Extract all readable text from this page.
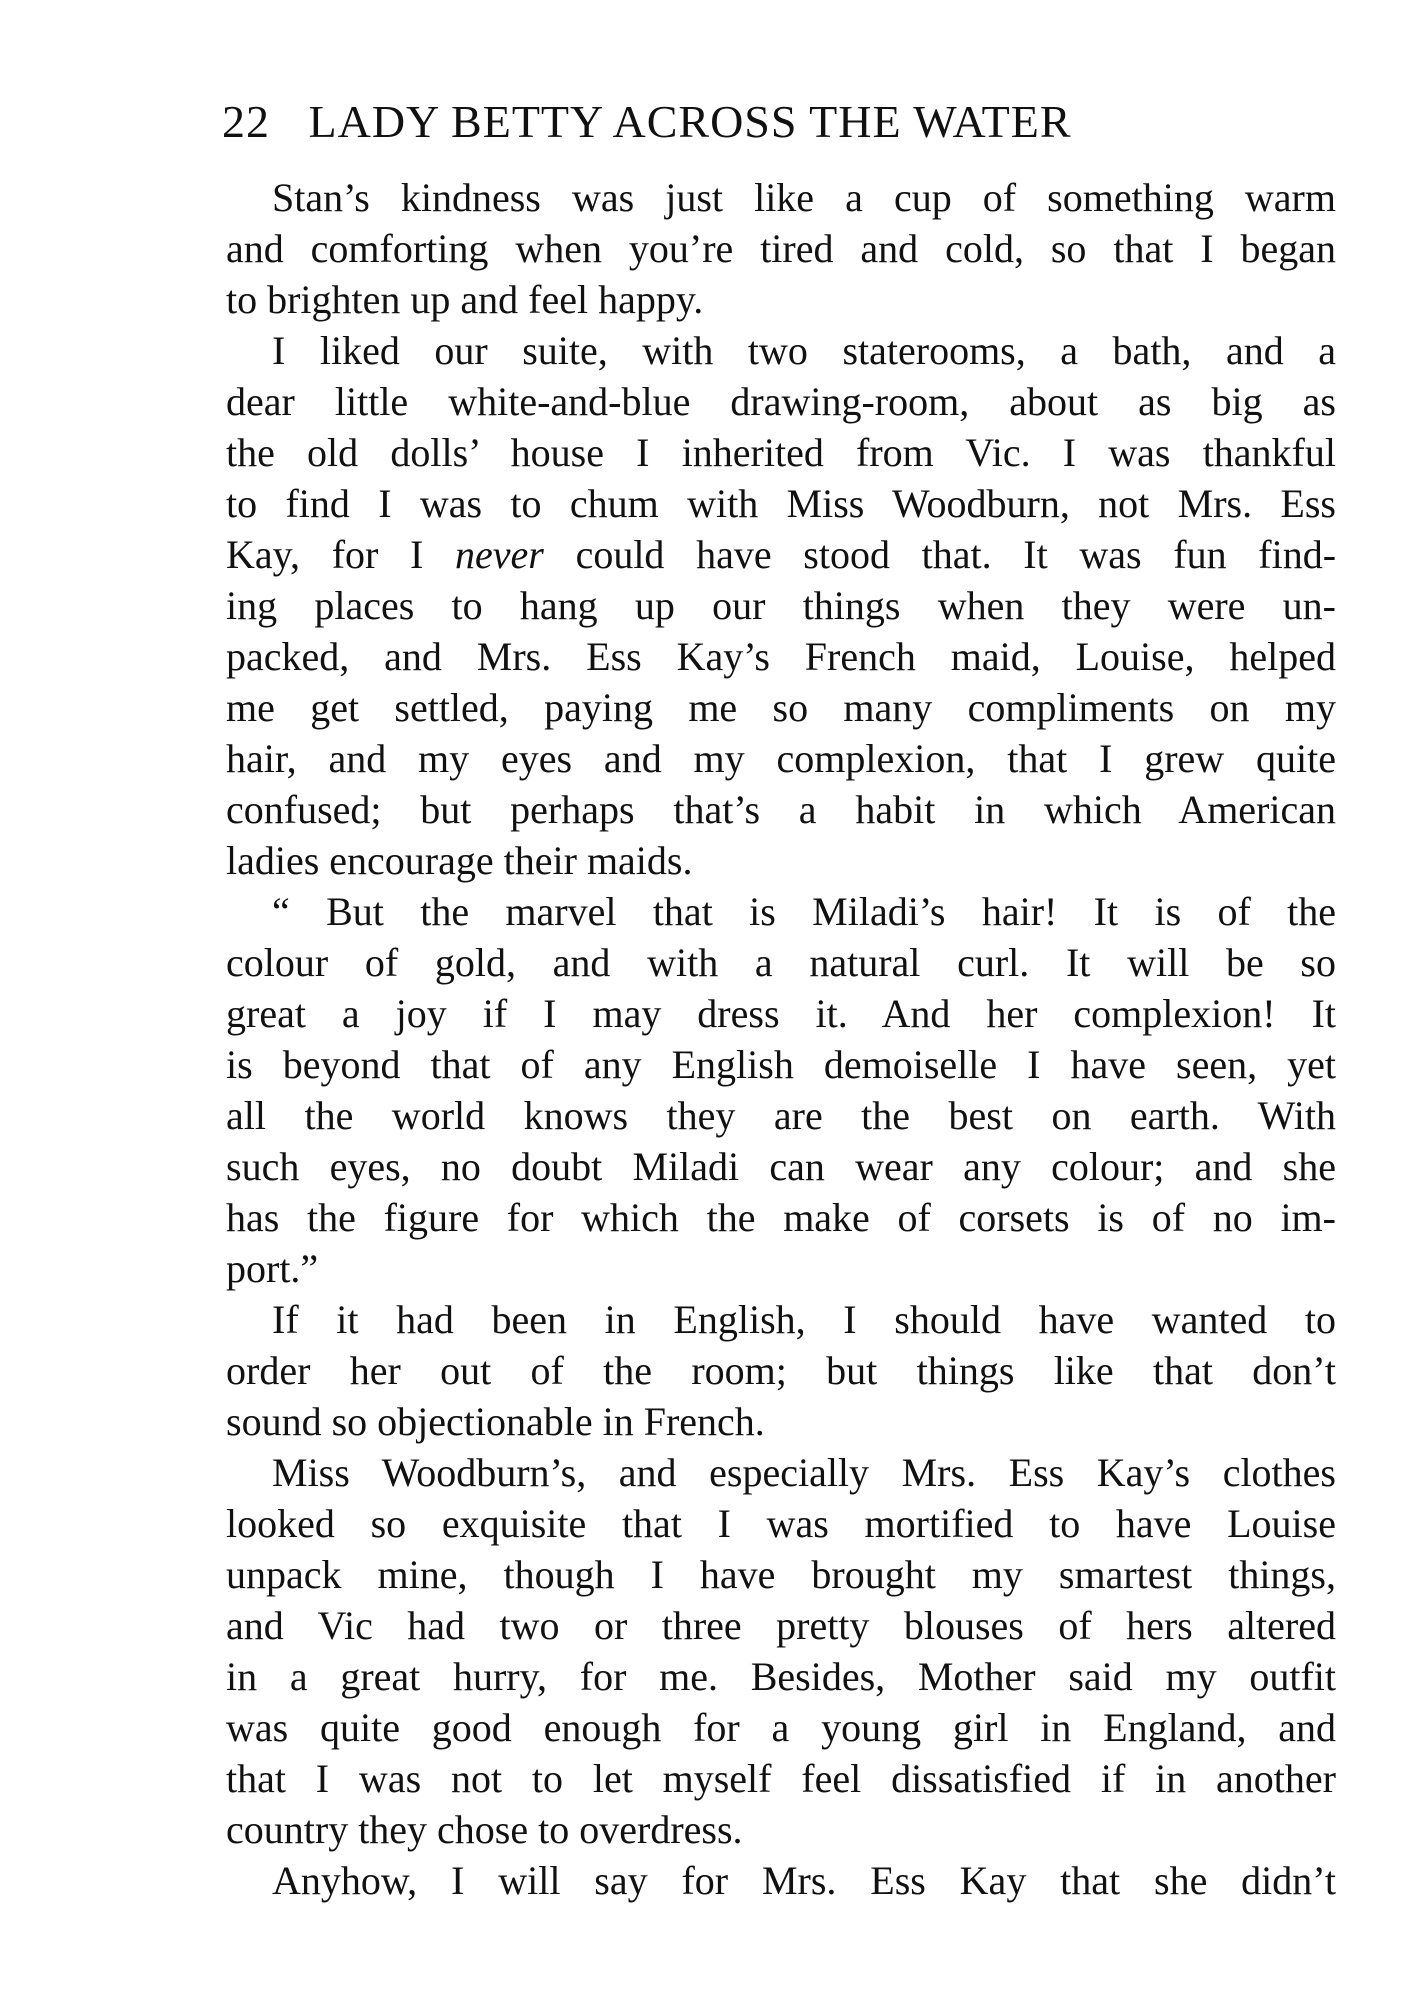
22 LADY BETTY ACROSS THE WATER
Stan’s kindness was just like a cup of something warm
and comforting when you’re tired and cold, so that I began
to brighten up and feel happy.
I liked our suite, with two staterooms, a bath, and a
dear little white-and-blue drawing-room, about as big as
the old dolls’ house I inherited from Vic. I was thankful
to find I was to chum with Miss Woodburn, not Mrs. Ess
Kay, for I never could have stood that. It was fun find-
ing places to hang up our things when they were un-
packed, and Mrs. Ess Kay’s French maid, Louise, helped
me get settled, paying me so many compliments on my
hair, and my eyes and my complexion, that I grew quite
confused; but perhaps that’s a habit in which American
ladies encourage their maids.
“ But the marvel that is Miladi’s hair! It is of the
colour of gold, and with a natural curl. It will be so
great a joy if I may dress it. And her complexion! It
is beyond that of any English demoiselle I have seen, yet
all the world knows they are the best on earth. With
such eyes, no doubt Miladi can wear any colour; and she
has the figure for which the make of corsets is of no im-
port.”
If it had been in English, I should have wanted to
order her out of the room; but things like that don’t
sound so objectionable in French.
Miss Woodburn’s, and especially Mrs. Ess Kay’s clothes
looked so exquisite that I was mortified to have Louise
unpack mine, though I have brought my smartest things,
and Vic had two or three pretty blouses of hers altered
in a great hurry, for me. Besides, Mother said my outfit
was quite good enough for a young girl in England, and
that I was not to let myself feel dissatisfied if in another
country they chose to overdress.
Anyhow, I will say for Mrs. Ess Kay that she didn’t
